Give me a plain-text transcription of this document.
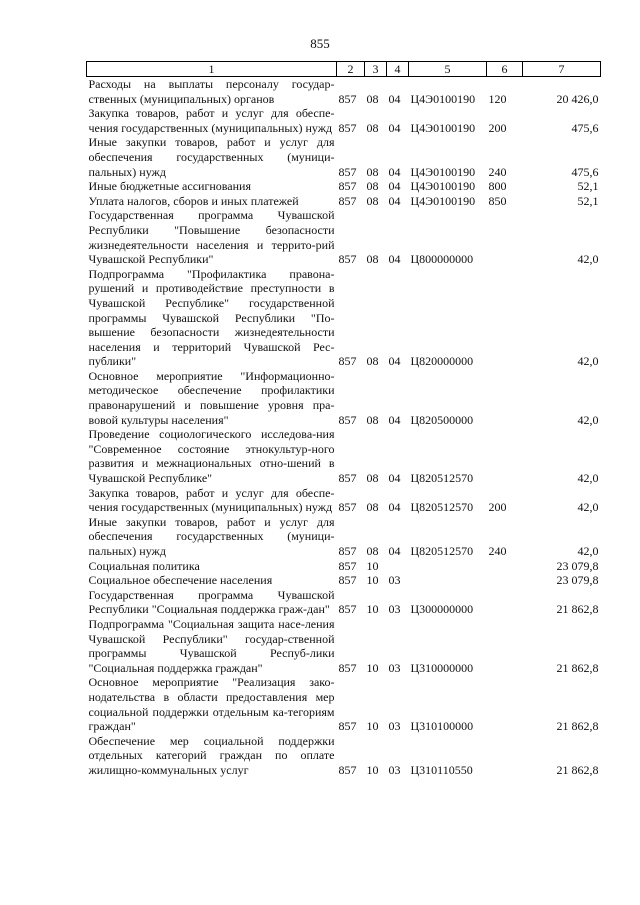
855
1	2	3	4	5	6	7
Расходы на выплаты персоналу государ-ственных (муниципальных) органов	857	08	04	Ц4Э0100190	120	20 426,0
Закупка товаров, работ и услуг для обеспе-чения государственных (муниципальных) нужд	857	08	04	Ц4Э0100190	200	475,6
Иные закупки товаров, работ и услуг для обеспечения государственных (муници-пальных) нужд	857	08	04	Ц4Э0100190	240	475,6
Иные бюджетные ассигнования	857	08	04	Ц4Э0100190	800	52,1
Уплата налогов, сборов и иных платежей	857	08	04	Ц4Э0100190	850	52,1
Государственная программа Чувашской Республики "Повышение безопасности жизнедеятельности населения и террито-рий Чувашской Республики"	857	08	04	Ц800000000		42,0
Подпрограмма "Профилактика правона-рушений и противодействие преступности в Чувашской Республике" государственной программы Чувашской Республики "По-вышение безопасности жизнедеятельности населения и территорий Чувашской Рес-публики"	857	08	04	Ц820000000		42,0
Основное мероприятие "Информационно-методическое обеспечение профилактики правонарушений и повышение уровня пра-вовой культуры населения"	857	08	04	Ц820500000		42,0
Проведение социологического исследова-ния "Современное состояние этнокультур-ного развития и межнациональных отно-шений в Чувашской Республике"	857	08	04	Ц820512570		42,0
Закупка товаров, работ и услуг для обеспе-чения государственных (муниципальных) нужд	857	08	04	Ц820512570	200	42,0
Иные закупки товаров, работ и услуг для обеспечения государственных (муници-пальных) нужд	857	08	04	Ц820512570	240	42,0
Социальная политика	857	10				23 079,8
Социальное обеспечение населения	857	10	03			23 079,8
Государственная программа Чувашской Республики "Социальная поддержка граж-дан"	857	10	03	Ц300000000		21 862,8
Подпрограмма "Социальная защита насе-ления Чувашской Республики" государ-ственной программы Чувашской Респуб-лики "Социальная поддержка граждан"	857	10	03	Ц310000000		21 862,8
Основное мероприятие "Реализация зако-нодательства в области предоставления мер социальной поддержки отдельным ка-тегориям граждан"	857	10	03	Ц310100000		21 862,8
Обеспечение мер социальной поддержки отдельных категорий граждан по оплате жилищно-коммунальных услуг	857	10	03	Ц310110550		21 862,8
